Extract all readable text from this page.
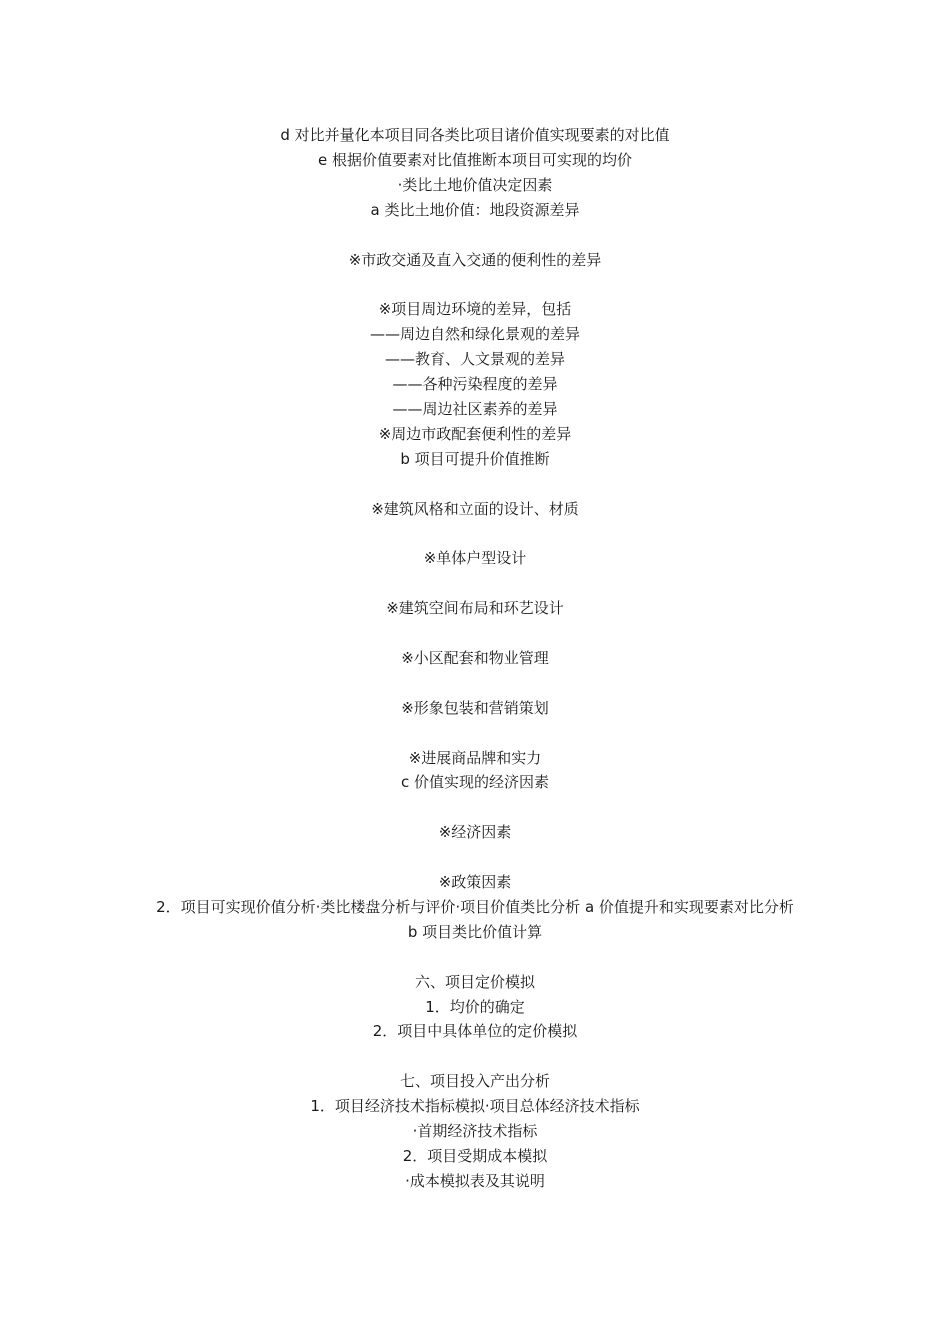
d 对比并量化本项目同各类比项目诸价值实现要素的对比值
e 根据价值要素对比值推断本项目可实现的均价
·类比土地价值决定因素
a 类比土地价值：地段资源差异
※市政交通及直入交通的便利性的差异
※项目周边环境的差异，包括
——周边自然和绿化景观的差异
——教育、人文景观的差异
——各种污染程度的差异
——周边社区素养的差异
※周边市政配套便利性的差异
b 项目可提升价值推断
※建筑风格和立面的设计、材质
※单体户型设计
※建筑空间布局和环艺设计
※小区配套和物业管理
※形象包装和营销策划
※进展商品牌和实力
c 价值实现的经济因素
※经济因素
※政策因素
2．项目可实现价值分析·类比楼盘分析与评价·项目价值类比分析 a 价值提升和实现要素对比分析
b 项目类比价值计算
六、项目定价模拟
1．均价的确定
2．项目中具体单位的定价模拟
七、项目投入产出分析
1．项目经济技术指标模拟·项目总体经济技术指标
·首期经济技术指标
2．项目受期成本模拟
·成本模拟表及其说明
